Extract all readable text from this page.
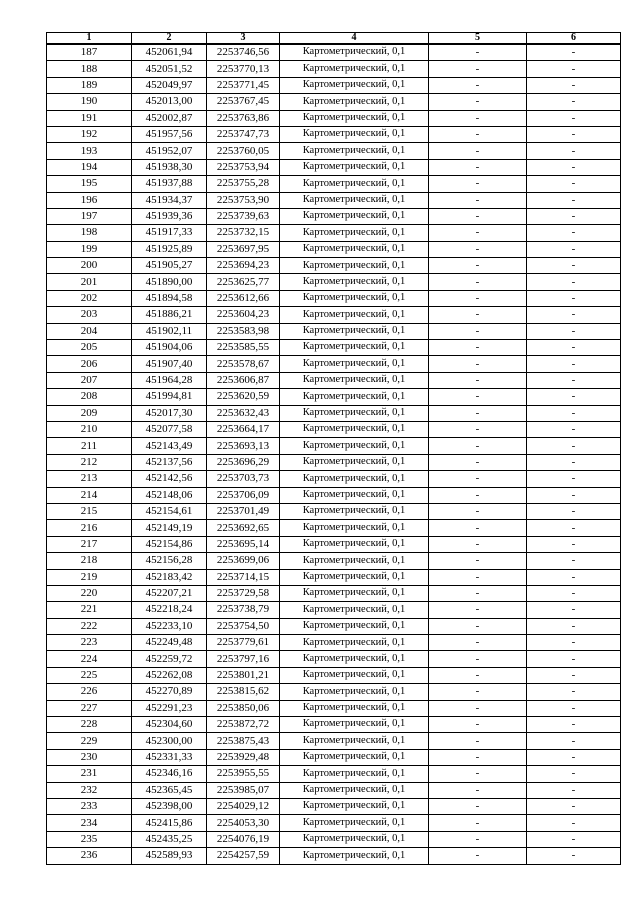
1	2	3	4	5	6
187	452061,94	2253746,56	Картометрический, 0,1	-	-
188	452051,52	2253770,13	Картометрический, 0,1	-	-
189	452049,97	2253771,45	Картометрический, 0,1	-	-
190	452013,00	2253767,45	Картометрический, 0,1	-	-
191	452002,87	2253763,86	Картометрический, 0,1	-	-
192	451957,56	2253747,73	Картометрический, 0,1	-	-
193	451952,07	2253760,05	Картометрический, 0,1	-	-
194	451938,30	2253753,94	Картометрический, 0,1	-	-
195	451937,88	2253755,28	Картометрический, 0,1	-	-
196	451934,37	2253753,90	Картометрический, 0,1	-	-
197	451939,36	2253739,63	Картометрический, 0,1	-	-
198	451917,33	2253732,15	Картометрический, 0,1	-	-
199	451925,89	2253697,95	Картометрический, 0,1	-	-
200	451905,27	2253694,23	Картометрический, 0,1	-	-
201	451890,00	2253625,77	Картометрический, 0,1	-	-
202	451894,58	2253612,66	Картометрический, 0,1	-	-
203	451886,21	2253604,23	Картометрический, 0,1	-	-
204	451902,11	2253583,98	Картометрический, 0,1	-	-
205	451904,06	2253585,55	Картометрический, 0,1	-	-
206	451907,40	2253578,67	Картометрический, 0,1	-	-
207	451964,28	2253606,87	Картометрический, 0,1	-	-
208	451994,81	2253620,59	Картометрический, 0,1	-	-
209	452017,30	2253632,43	Картометрический, 0,1	-	-
210	452077,58	2253664,17	Картометрический, 0,1	-	-
211	452143,49	2253693,13	Картометрический, 0,1	-	-
212	452137,56	2253696,29	Картометрический, 0,1	-	-
213	452142,56	2253703,73	Картометрический, 0,1	-	-
214	452148,06	2253706,09	Картометрический, 0,1	-	-
215	452154,61	2253701,49	Картометрический, 0,1	-	-
216	452149,19	2253692,65	Картометрический, 0,1	-	-
217	452154,86	2253695,14	Картометрический, 0,1	-	-
218	452156,28	2253699,06	Картометрический, 0,1	-	-
219	452183,42	2253714,15	Картометрический, 0,1	-	-
220	452207,21	2253729,58	Картометрический, 0,1	-	-
221	452218,24	2253738,79	Картометрический, 0,1	-	-
222	452233,10	2253754,50	Картометрический, 0,1	-	-
223	452249,48	2253779,61	Картометрический, 0,1	-	-
224	452259,72	2253797,16	Картометрический, 0,1	-	-
225	452262,08	2253801,21	Картометрический, 0,1	-	-
226	452270,89	2253815,62	Картометрический, 0,1	-	-
227	452291,23	2253850,06	Картометрический, 0,1	-	-
228	452304,60	2253872,72	Картометрический, 0,1	-	-
229	452300,00	2253875,43	Картометрический, 0,1	-	-
230	452331,33	2253929,48	Картометрический, 0,1	-	-
231	452346,16	2253955,55	Картометрический, 0,1	-	-
232	452365,45	2253985,07	Картометрический, 0,1	-	-
233	452398,00	2254029,12	Картометрический, 0,1	-	-
234	452415,86	2254053,30	Картометрический, 0,1	-	-
235	452435,25	2254076,19	Картометрический, 0,1	-	-
236	452589,93	2254257,59	Картометрический, 0,1	-	-
